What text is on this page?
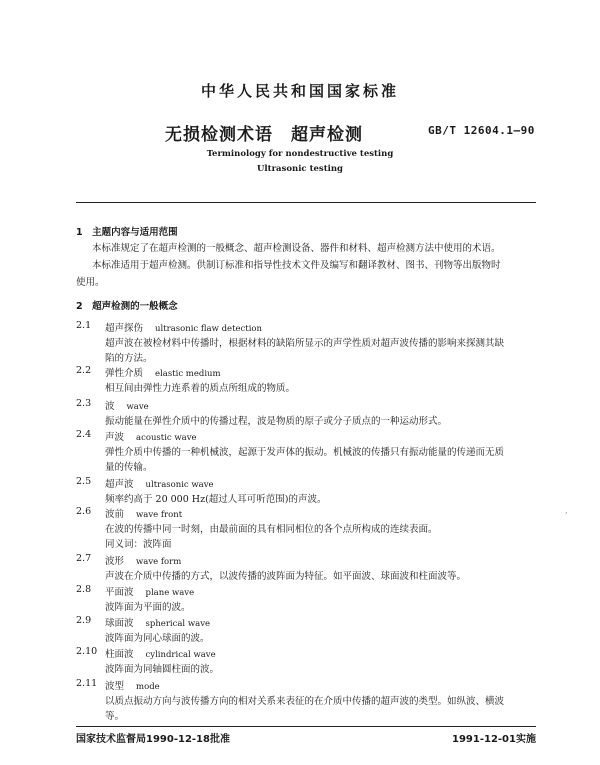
中华人民共和国国家标准
无损检测术语　超声检测	GB/T 12604.1—90
Terminology for nondestructive testing
Ultrasonic testing
1　主题内容与适用范围
本标准规定了在超声检测的一般概念、超声检测设备、器件和材料、超声检测方法中使用的术语。
本标准适用于超声检测。供制订标准和指导性技术文件及编写和翻译教材、图书、刊物等出版物时
使用。
2　超声检测的一般概念
2.1 超声探伤 ultrasonic flaw detection
超声波在被检材料中传播时，根据材料的缺陷所显示的声学性质对超声波传播的影响来探测其缺
陷的方法。
2.2 弹性介质 elastic medium
相互间由弹性力连系着的质点所组成的物质。
2.3 波 wave
振动能量在弹性介质中的传播过程，波是物质的原子或分子质点的一种运动形式。
2.4 声波 acoustic wave
弹性介质中传播的一种机械波，起源于发声体的振动。机械波的传播只有振动能量的传递而无质
量的传输。
2.5 超声波 ultrasonic wave
频率约高于 20 000 Hz(超过人耳可听范围)的声波。
2.6 波前 wave front
在波的传播中同一时刻，由最前面的具有相同相位的各个点所构成的连续表面。
同义词：波阵面
2.7 波形 wave form
声波在介质中传播的方式，以波传播的波阵面为特征。如平面波、球面波和柱面波等。
2.8 平面波 plane wave
波阵面为平面的波。
2.9 球面波 spherical wave
波阵面为同心球面的波。
2.10 柱面波 cylindrical wave
波阵面为同轴圆柱面的波。
2.11 波型 mode
以质点振动方向与波传播方向的相对关系来表征的在介质中传播的超声波的类型。如纵波、横波
等。
,
国家技术监督局1990-12-18批准	1991-12-01实施
